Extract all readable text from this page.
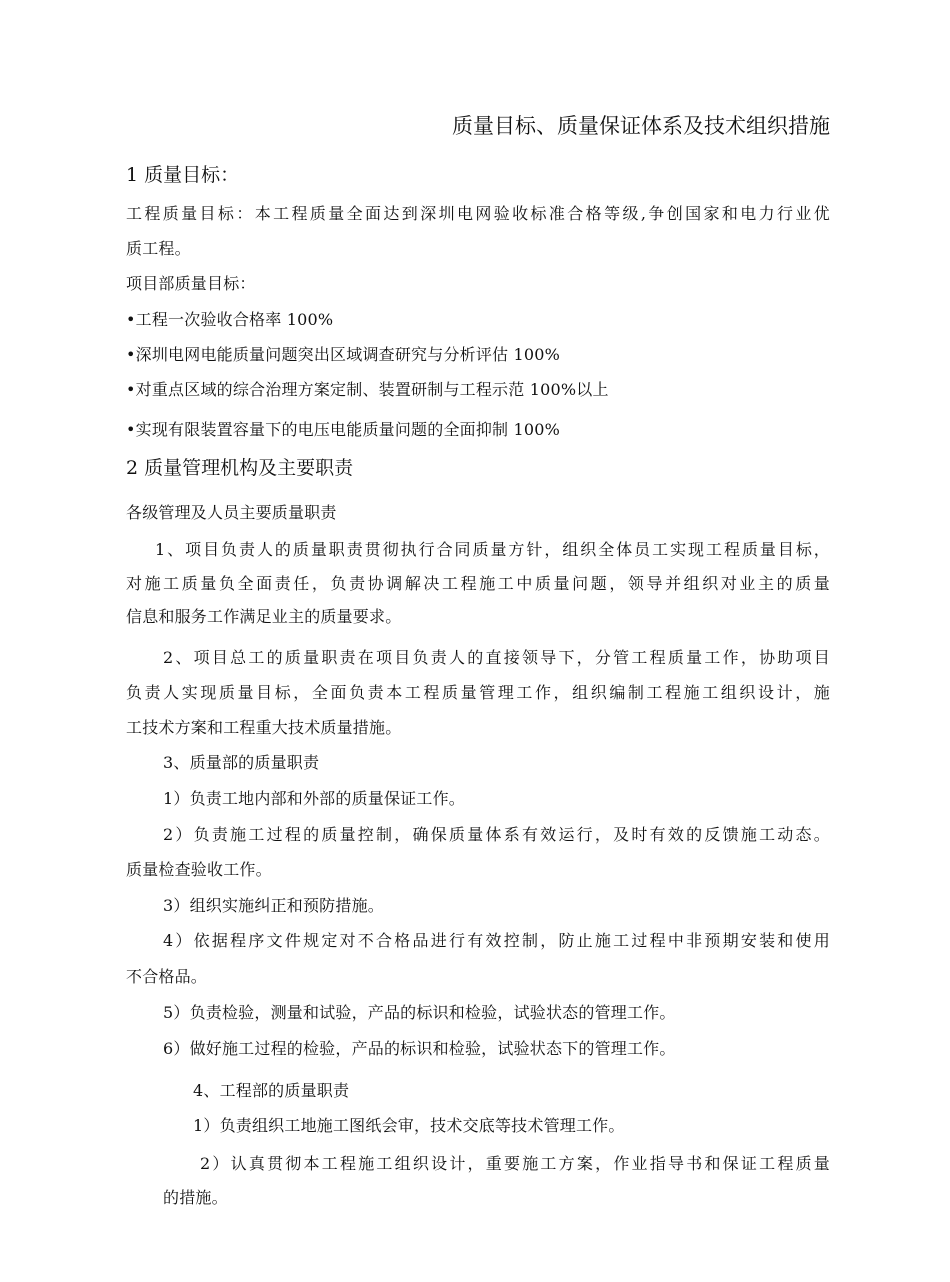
质量目标、质量保证体系及技术组织措施
1 质量目标：
工程质量目标：本工程质量全面达到深圳电网验收标准合格等级,争创国家和电力行业优
质工程。
项目部质量目标：
•工程一次验收合格率 100%
•深圳电网电能质量问题突出区域调查研究与分析评估 100%
•对重点区域的综合治理方案定制、装置研制与工程示范 100%以上
•实现有限装置容量下的电压电能质量问题的全面抑制 100%
2 质量管理机构及主要职责
各级管理及人员主要质量职责
1、项目负责人的质量职责贯彻执行合同质量方针，组织全体员工实现工程质量目标，
对施工质量负全面责任，负责协调解决工程施工中质量问题，领导并组织对业主的质量
信息和服务工作满足业主的质量要求。
2、项目总工的质量职责在项目负责人的直接领导下，分管工程质量工作，协助项目
负责人实现质量目标，全面负责本工程质量管理工作，组织编制工程施工组织设计，施
工技术方案和工程重大技术质量措施。
3、质量部的质量职责
1）负责工地内部和外部的质量保证工作。
2）负责施工过程的质量控制，确保质量体系有效运行，及时有效的反馈施工动态。
质量检查验收工作。
3）组织实施纠正和预防措施。
4）依据程序文件规定对不合格品进行有效控制，防止施工过程中非预期安装和使用
不合格品。
5）负责检验，测量和试验，产品的标识和检验，试验状态的管理工作。
6）做好施工过程的检验，产品的标识和检验，试验状态下的管理工作。
4、工程部的质量职责
1）负责组织工地施工图纸会审，技术交底等技术管理工作。
2）认真贯彻本工程施工组织设计，重要施工方案，作业指导书和保证工程质量
的措施。
